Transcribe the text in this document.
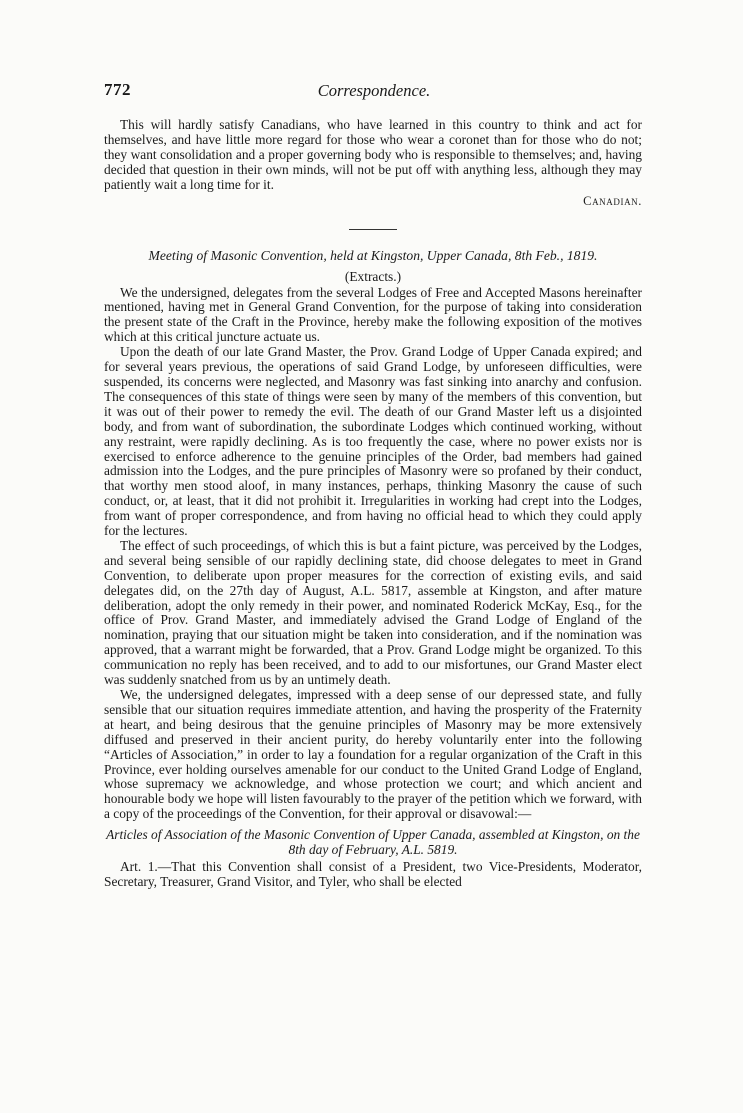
772	Correspondence.

This will hardly satisfy Canadians, who have learned in this country to think and act for themselves, and have little more regard for those who wear a coronet than for those who do not; they want consolidation and a proper governing body who is responsible to themselves; and, having decided that question in their own minds, will not be put off with anything less, although they may patiently wait a long time for it.

Canadian.
Meeting of Masonic Convention, held at Kingston, Upper Canada, 8th Feb., 1819.
(Extracts.)

We the undersigned, delegates from the several Lodges of Free and Accepted Masons hereinafter mentioned, having met in General Grand Convention, for the purpose of taking into consideration the present state of the Craft in the Province, hereby make the following exposition of the motives which at this critical juncture actuate us.

Upon the death of our late Grand Master, the Prov. Grand Lodge of Upper Canada expired; and for several years previous, the operations of said Grand Lodge, by unforeseen difficulties, were suspended, its concerns were neglected, and Masonry was fast sinking into anarchy and confusion. The consequences of this state of things were seen by many of the members of this convention, but it was out of their power to remedy the evil. The death of our Grand Master left us a disjointed body, and from want of subordination, the subordinate Lodges which continued working, without any restraint, were rapidly declining. As is too frequently the case, where no power exists nor is exercised to enforce adherence to the genuine principles of the Order, bad members had gained admission into the Lodges, and the pure principles of Masonry were so profaned by their conduct, that worthy men stood aloof, in many instances, perhaps, thinking Masonry the cause of such conduct, or, at least, that it did not prohibit it. Irregularities in working had crept into the Lodges, from want of proper correspondence, and from having no official head to which they could apply for the lectures.

The effect of such proceedings, of which this is but a faint picture, was perceived by the Lodges, and several being sensible of our rapidly declining state, did choose delegates to meet in Grand Convention, to deliberate upon proper measures for the correction of existing evils, and said delegates did, on the 27th day of August, A.L. 5817, assemble at Kingston, and after mature deliberation, adopt the only remedy in their power, and nominated Roderick McKay, Esq., for the office of Prov. Grand Master, and immediately advised the Grand Lodge of England of the nomination, praying that our situation might be taken into consideration, and if the nomination was approved, that a warrant might be forwarded, that a Prov. Grand Lodge might be organized. To this communication no reply has been received, and to add to our misfortunes, our Grand Master elect was suddenly snatched from us by an untimely death.

We, the undersigned delegates, impressed with a deep sense of our depressed state, and fully sensible that our situation requires immediate attention, and having the prosperity of the Fraternity at heart, and being desirous that the genuine principles of Masonry may be more extensively diffused and preserved in their ancient purity, do hereby voluntarily enter into the following “Articles of Association,” in order to lay a foundation for a regular organization of the Craft in this Province, ever holding ourselves amenable for our conduct to the United Grand Lodge of England, whose supremacy we acknowledge, and whose protection we court; and which ancient and honourable body we hope will listen favourably to the prayer of the petition which we forward, with a copy of the proceedings of the Convention, for their approval or disavowal:—

Articles of Association of the Masonic Convention of Upper Canada, assembled at Kingston, on the 8th day of February, A.L. 5819.

Art. 1.—That this Convention shall consist of a President, two Vice-Presidents, Moderator, Secretary, Treasurer, Grand Visitor, and Tyler, who shall be elected
